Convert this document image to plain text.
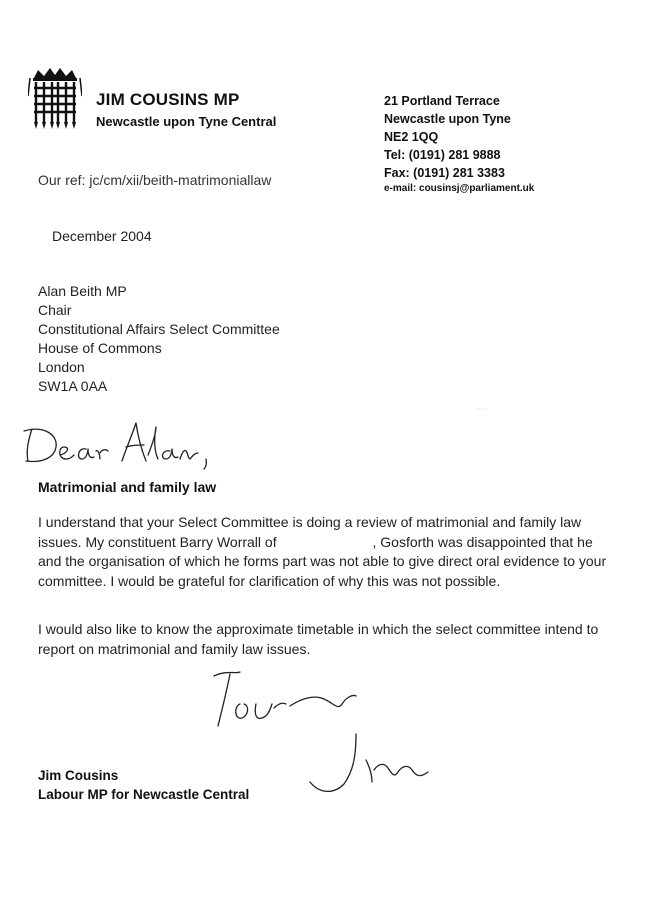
JIM COUSINS MP
Newcastle upon Tyne Central
21 Portland Terrace
Newcastle upon Tyne
NE2 1QQ
Tel: (0191) 281 9888
Fax: (0191) 281 3383
e-mail: cousinsj@parliament.uk
Our ref: jc/cm/xii/beith-matrimoniallaw
December 2004
Alan Beith MP
Chair
Constitutional Affairs Select Committee
House of Commons
London
SW1A 0AA
Matrimonial and family law
I understand that your Select Committee is doing a review of matrimonial and family law issues. My constituent Barry Worrall of	, Gosforth was disappointed that he and the organisation of which he forms part was not able to give direct oral evidence to your committee. I would be grateful for clarification of why this was not possible.
I would also like to know the approximate timetable in which the select committee intend to report on matrimonial and family law issues.
Jim Cousins
Labour MP for Newcastle Central
·.·
